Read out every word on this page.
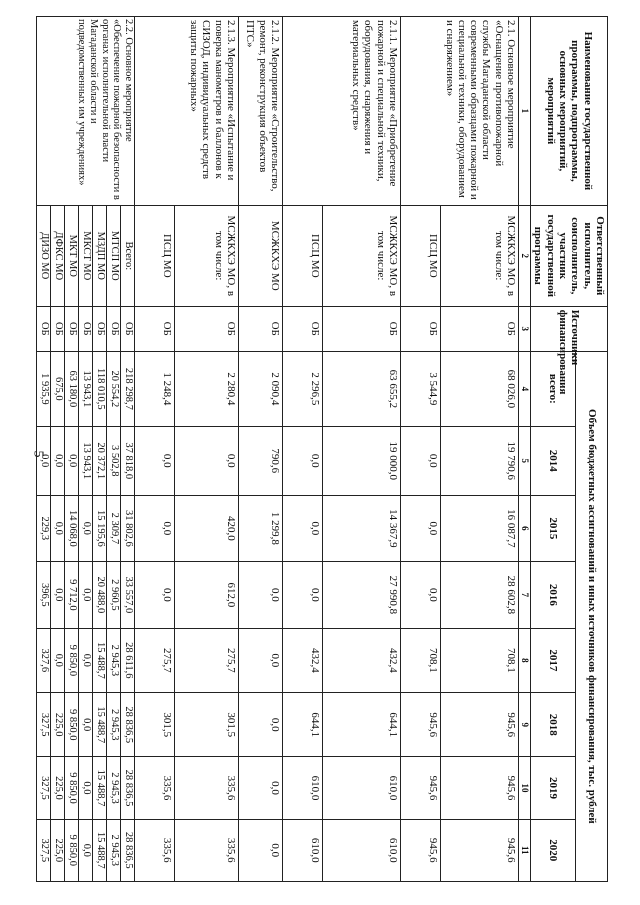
5
Наименование государственной программы, подпрограммы, основных мероприятий, мероприятий	Ответственный исполнитель, соисполнитель, участник государственной программы	Источники финансирования	Объем бюджетных ассигнований и иных источников финансирования, тыс. рублей							
			всего:	2014	2015	2016	2017	2018	2019	2020
1	2	3	4	5	6	7	8	9	10	11
2.1. Основное мероприятие «Оснащение противопожарной службы Магаданской области современными образцами пожарной и специальной техники, оборудованием и снаряжением»	МСЖКХЭ МО, в том числе:	ОБ	68 026,0	19 790,6	16 087,7	28 602,8	708,1	945,6	945,6	945,6
	ПСЦ МО	ОБ	3 544,9	0,0	0,0	0,0	708,1	945,6	945,6	945,6
2.1.1. Мероприятие «Приобретение пожарной и специальной техники, оборудования, снаряжения и материальных средств»	МСЖКХЭ МО, в том числе:	ОБ	63 655,2	19 000,0	14 367,9	27 990,8	432,4	644,1	610,0	610,0
	ПСЦ МО	ОБ	2 296,5	0,0	0,0	0,0	432,4	644,1	610,0	610,0
2.1.2. Мероприятие «Строительство, ремонт, реконструкция объектов ПТС»	МСЖКХЭ МО	ОБ	2 090,4	790,6	1 299,8	0,0	0,0	0,0	0,0	0,0
2.1.3. Мероприятие «Испытание и поверка манометров и баллонов к СИЗОД, индивидуальных средств защиты пожарных»	МСЖКХЭ МО, в том числе:	ОБ	2 280,4	0,0	420,0	612,0	275,7	301,5	335,6	335,6
	ПСЦ МО	ОБ	1 248,4	0,0	0,0	0,0	275,7	301,5	335,6	335,6
2.2. Основное мероприятие «Обеспечение пожарной безопасности в органах исполнительной власти Магаданской области и подведомственных им учреждениях»	Всего:	ОБ	218 298,7	37 818,0	31 802,6	33 557,0	28 611,6	28 836,5	28 836,5	28 836,5
	МТСП МО	ОБ	20 554,2	3 502,8	2 309,7	2 960,5	2 945,3	2 945,3	2 945,3	2 945,3
	МЗДП МО	ОБ	118 010,5	20 372,1	15 195,6	20 488,0	15 488,7	15 488,7	15 488,7	15 488,7
	МКСТ МО	ОБ	13 943,1	13 943,1	0,0	0,0	0,0	0,0	0,0	0,0
	МКТ МО	ОБ	63 180,0	0,0	14 068,0	9 712,0	9 850,0	9 850,0	9 850,0	9 850,0
	ДФКС МО	ОБ	675,0	0,0	0,0	0,0	0,0	225,0	225,0	225,0
	ДИЗО МО	ОБ	1 935,9	0,0	229,3	396,5	327,6	327,5	327,5	327,5
